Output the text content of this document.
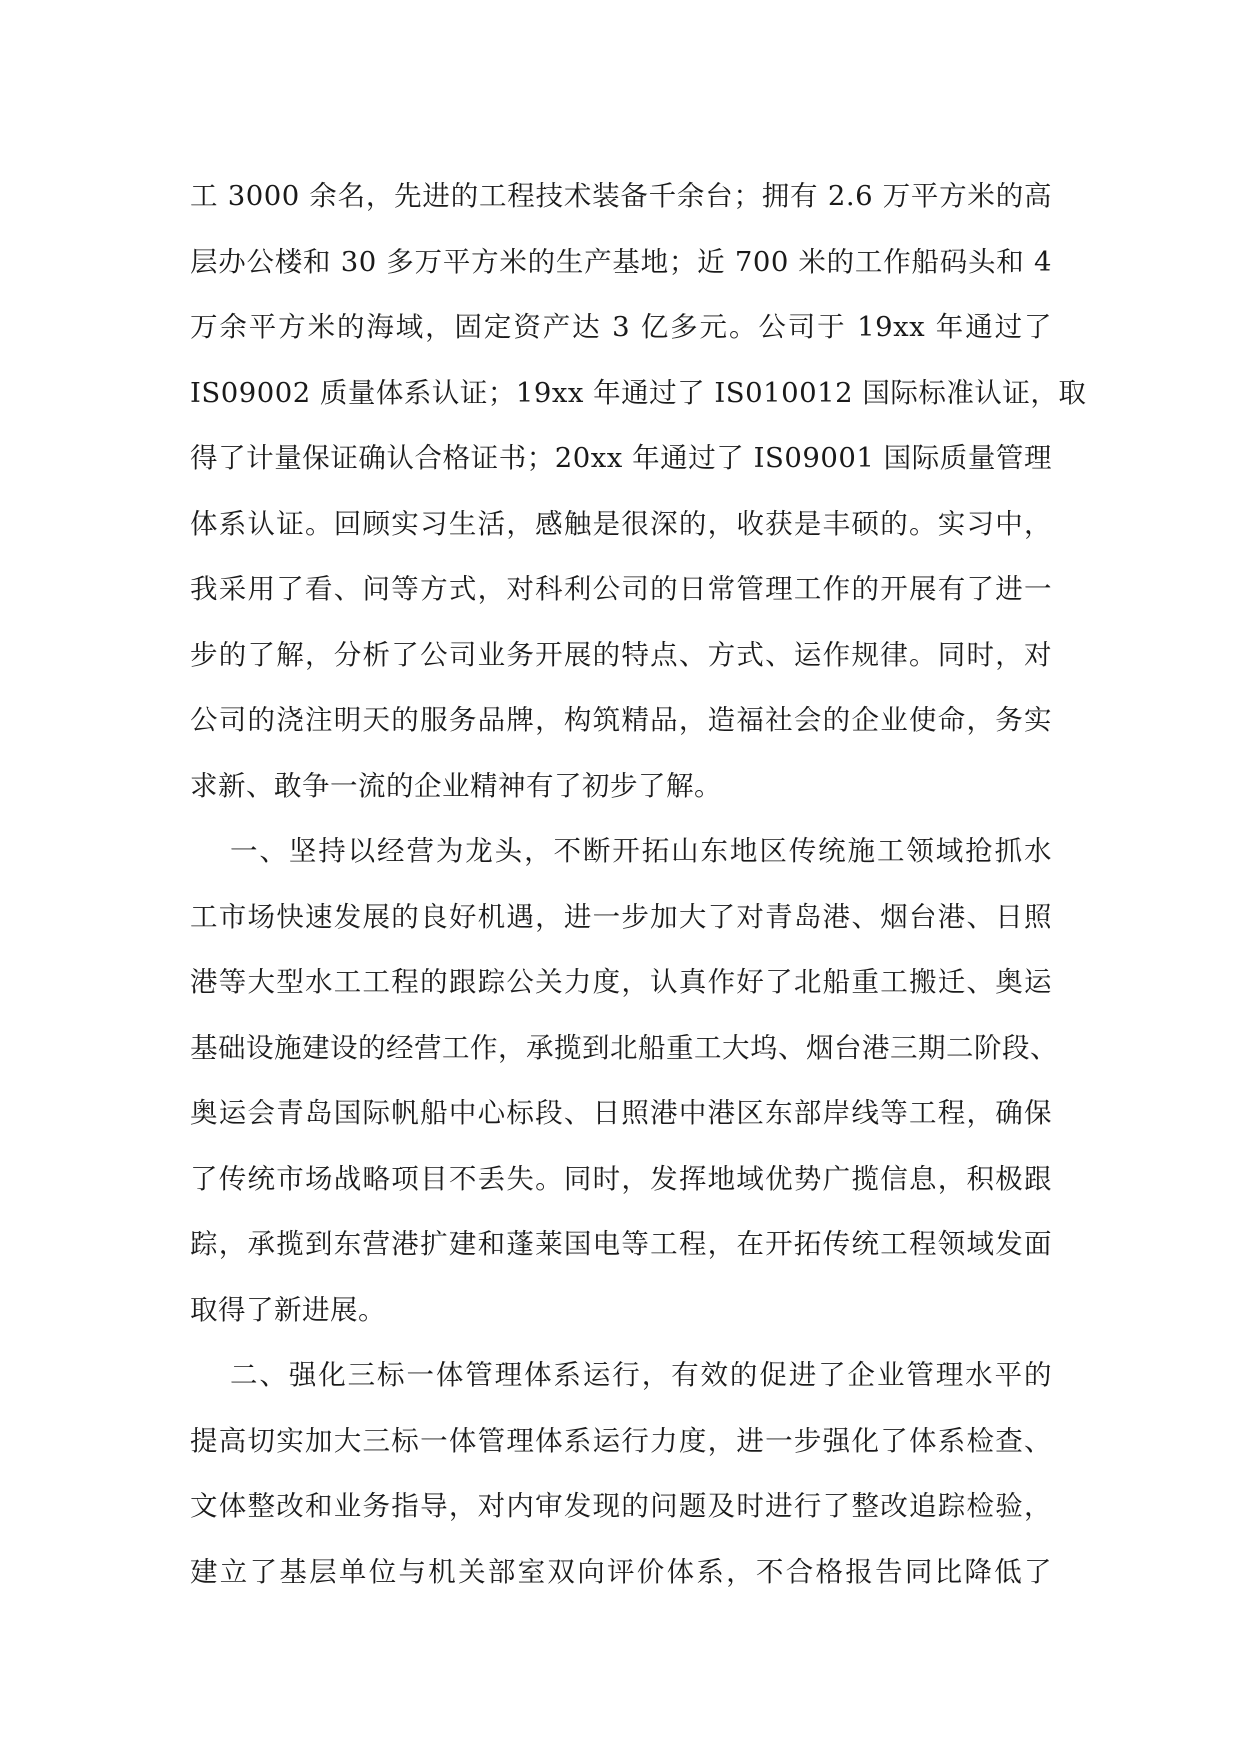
工 3000 余名，先进的工程技术装备千余台；拥有 2.6 万平方米的高
层办公楼和 30 多万平方米的生产基地；近 700 米的工作船码头和 4
万余平方米的海域，固定资产达 3 亿多元。公司于 19xx 年通过了
IS09002 质量体系认证；19xx 年通过了 IS010012 国际标准认证，取
得了计量保证确认合格证书；20xx 年通过了 IS09001 国际质量管理
体系认证。回顾实习生活，感触是很深的，收获是丰硕的。实习中，
我采用了看、问等方式，对科利公司的日常管理工作的开展有了进一
步的了解，分析了公司业务开展的特点、方式、运作规律。同时，对
公司的浇注明天的服务品牌，构筑精品，造福社会的企业使命，务实
求新、敢争一流的企业精神有了初步了解。
一、坚持以经营为龙头，不断开拓山东地区传统施工领域抢抓水
工市场快速发展的良好机遇，进一步加大了对青岛港、烟台港、日照
港等大型水工工程的跟踪公关力度，认真作好了北船重工搬迁、奥运
基础设施建设的经营工作，承揽到北船重工大坞、烟台港三期二阶段、
奥运会青岛国际帆船中心标段、日照港中港区东部岸线等工程，确保
了传统市场战略项目不丢失。同时，发挥地域优势广揽信息，积极跟
踪，承揽到东营港扩建和蓬莱国电等工程，在开拓传统工程领域发面
取得了新进展。
二、强化三标一体管理体系运行，有效的促进了企业管理水平的
提高切实加大三标一体管理体系运行力度，进一步强化了体系检查、
文体整改和业务指导，对内审发现的问题及时进行了整改追踪检验，
建立了基层单位与机关部室双向评价体系，不合格报告同比降低了
